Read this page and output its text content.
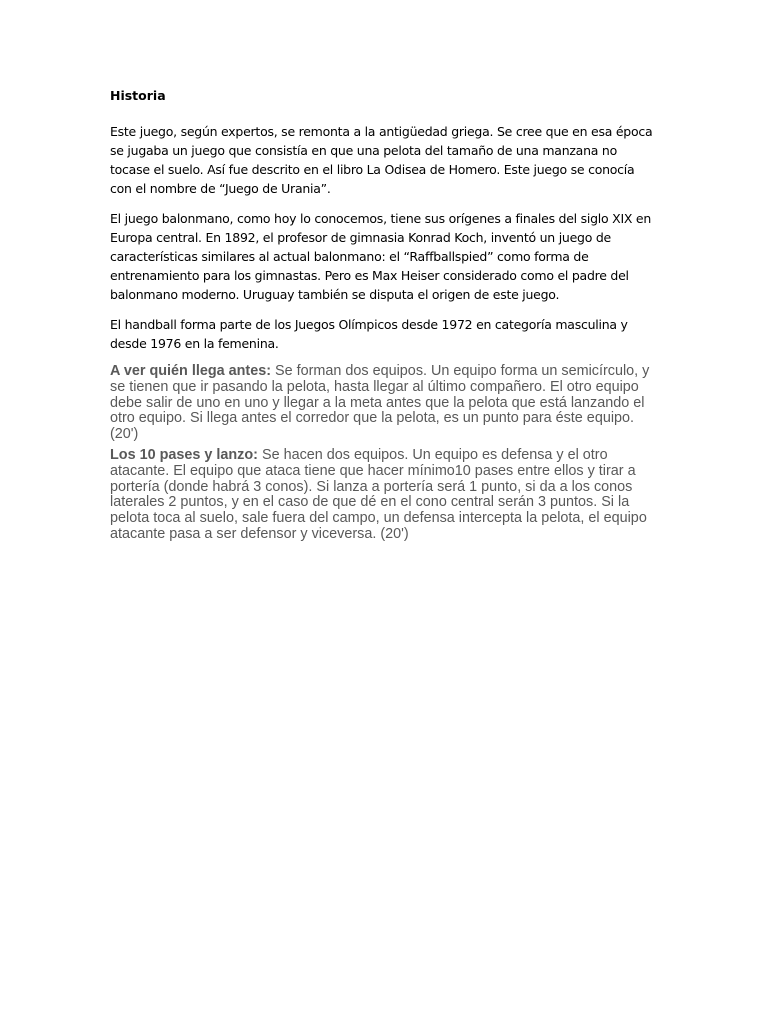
Historia

Este juego, según expertos, se remonta a la antigüedad griega. Se cree que en esa época se jugaba un juego que consistía en que una pelota del tamaño de una manzana no tocase el suelo. Así fue descrito en el libro La Odisea de Homero. Este juego se conocía con el nombre de “Juego de Urania”.

El juego balonmano, como hoy lo conocemos, tiene sus orígenes a finales del siglo XIX en Europa central. En 1892, el profesor de gimnasia Konrad Koch, inventó un juego de características similares al actual balonmano: el “Raffballspied” como forma de entrenamiento para los gimnastas. Pero es Max Heiser considerado como el padre del balonmano moderno. Uruguay también se disputa el origen de este juego.

El handball forma parte de los Juegos Olímpicos desde 1972 en categoría masculina y desde 1976 en la femenina.

A ver quién llega antes: Se forman dos equipos. Un equipo forma un semicírculo, y se tienen que ir pasando la pelota, hasta llegar al último compañero. El otro equipo debe salir de uno en uno y llegar a la meta antes que la pelota que está lanzando el otro equipo. Si llega antes el corredor que la pelota, es un punto para éste equipo. (20')

Los 10 pases y lanzo: Se hacen dos equipos. Un equipo es defensa y el otro atacante. El equipo que ataca tiene que hacer mínimo10 pases entre ellos y tirar a portería (donde habrá 3 conos). Si lanza a portería será 1 punto, si da a los conos laterales 2 puntos, y en el caso de que dé en el cono central serán 3 puntos. Si la pelota toca al suelo, sale fuera del campo, un defensa intercepta la pelota, el equipo atacante pasa a ser defensor y viceversa. (20')
